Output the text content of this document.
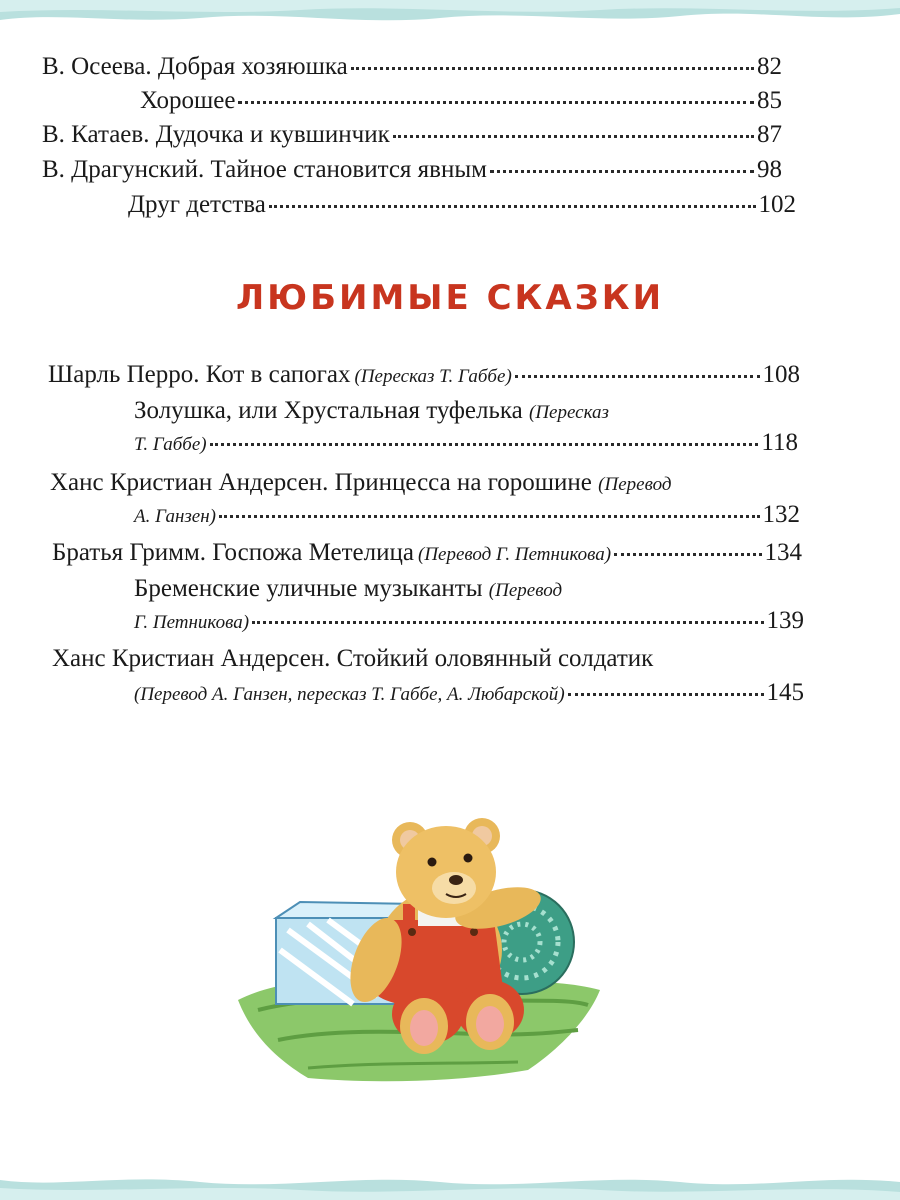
В. Осеева. Добрая хозяюшка	82
Хорошее	85
В. Катаев. Дудочка и кувшинчик	87
В. Драгунский. Тайное становится явным	98
Друг детства	102
ЛЮБИМЫЕ СКАЗКИ
Шарль Перро. Кот в сапогах (Пересказ Т. Габбе)	108
Золушка, или Хрустальная туфелька (Пересказ
Т. Габбе)	118
Ханс Кристиан Андерсен. Принцесса на горошине (Перевод
А. Ганзен)	132
Братья Гримм. Госпожа Метелица (Перевод Г. Петникова)	134
Бременские уличные музыканты (Перевод
Г. Петникова)	139
Ханс Кристиан Андерсен. Стойкий оловянный солдатик
(Перевод А. Ганзен, пересказ Т. Габбе, А. Любарской)	145
